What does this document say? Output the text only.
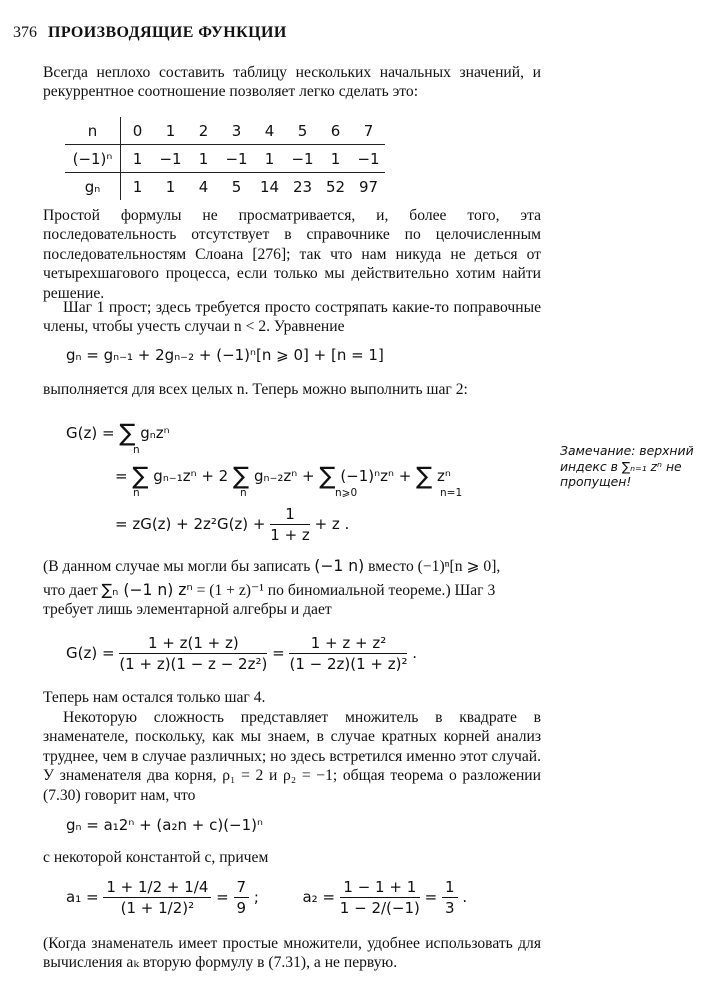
376 ПРОИЗВОДЯЩИЕ ФУНКЦИИ

Всегда неплохо составить таблицу нескольких начальных значений, и рекуррентное соотношение позволяет легко сделать это:

n	0	1	2	3	4	5	6	7
(−1)ⁿ	1	−1	1	−1	1	−1	1	−1
gₙ	1	1	4	5	14	23	52	97

Простой формулы не просматривается, и, более того, эта последовательность отсутствует в справочнике по целочисленным последовательностям Слоана [276]; так что нам никуда не деться от четырехшагового процесса, если только мы действительно хотим найти решение.

Шаг 1 прост; здесь требуется просто состряпать какие-то поправочные члены, чтобы учесть случаи n < 2. Уравнение

gₙ = gₙ₋₁ + 2gₙ₋₂ + (−1)ⁿ[n ⩾ 0] + [n = 1]

выполняется для всех целых n. Теперь можно выполнить шаг 2:

G(z) = ∑ gₙzⁿ
n
= ∑ gₙ₋₁zⁿ + 2 ∑ gₙ₋₂zⁿ + ∑ (−1)ⁿzⁿ + ∑ zⁿ
n	n	n⩾0	n=1
= $zG(z) + 2z^2G(z) + \frac{1}{1 + z} + z$ .
Замечание: верхний индекс в ∑ₙ₌₁ zⁿ не пропущен!
(В данном случае мы могли бы записать (−1 n) вместо (−1)ⁿ[n ⩾ 0],
что дает ∑ₙ (−1 n) zⁿ = (1 + z)⁻¹ по биномиальной теореме.) Шаг 3
требует лишь элементарной алгебры и дает
$G(z) = \frac{1 + z(1 + z)}{\text{(1 + z)(1 − z − 2z²)}} = \frac{\text{1 + z + z²}}{\text{(1 − 2z)(1 + z)²}}$ .

Теперь нам остался только шаг 4.

Некоторую сложность представляет множитель в квадрате в знаменателе, поскольку, как мы знаем, в случае кратных корней анализ труднее, чем в случае различных; но здесь встретился именно этот случай. У знаменателя два корня, ρ₁ = 2 и ρ₂ = −1; общая теорема о разложении (7.30) говорит нам, что

gₙ = a₁2ⁿ + (a₂n + c)(−1)ⁿ

с некоторой константой c, причем

$a_1 = \frac{1 + 1/2 + 1/4}{\text{(1 + 1/2)²}} = \frac{7}{9}$ ;	$a_2 = \frac{1 - 1 + 1}{1 - 2/(-1)} = \frac{1}{3}$ .

(Когда знаменатель имеет простые множители, удобнее использовать для вычисления aₖ вторую формулу в (7.31), а не первую.
